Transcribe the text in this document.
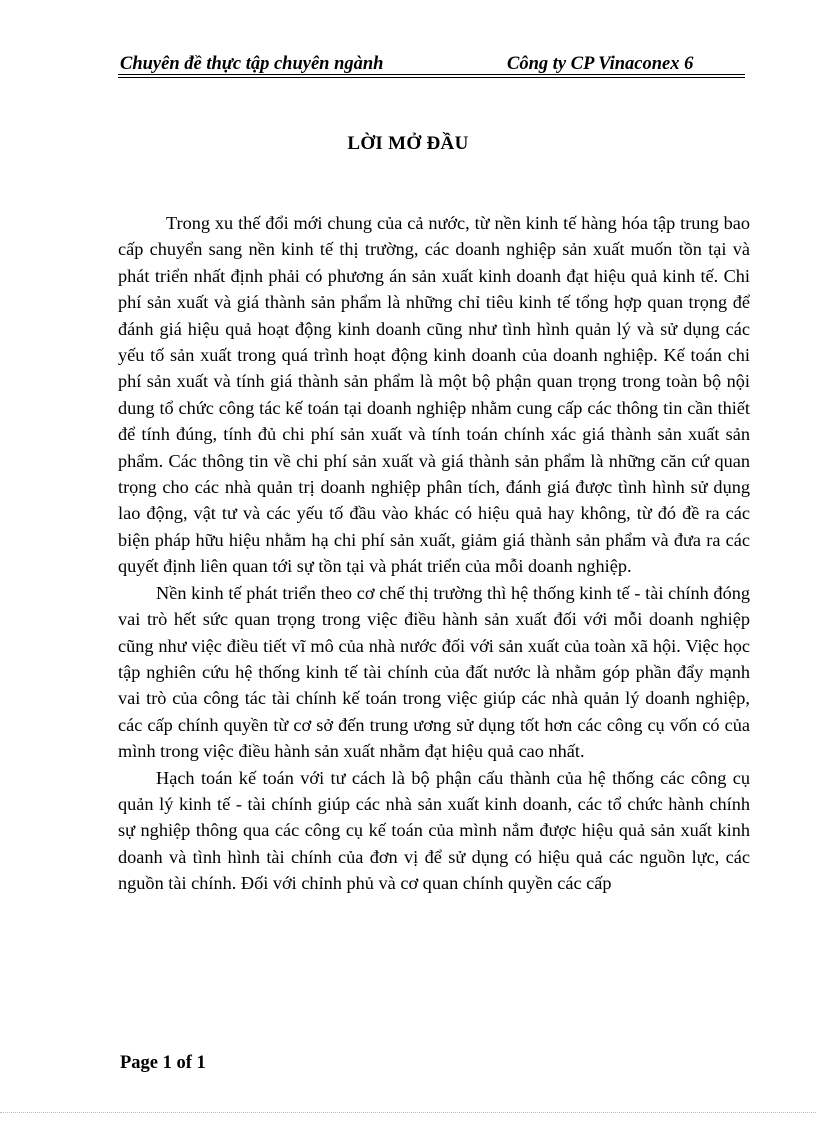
Chuyên đề thực tập chuyên ngành	Công ty CP Vinaconex 6
LỜI MỞ ĐẦU

Trong xu thế đổi mới chung của cả nước, từ nền kinh tế hàng hóa tập trung bao cấp chuyển sang nền kinh tế thị trường, các doanh nghiệp sản xuất muốn tồn tại và phát triển nhất định phải có phương án sản xuất kinh doanh đạt hiệu quả kinh tế. Chi phí sản xuất và giá thành sản phẩm là những chỉ tiêu kinh tế tổng hợp quan trọng để đánh giá hiệu quả hoạt động kinh doanh cũng như tình hình quản lý và sử dụng các yếu tố sản xuất trong quá trình hoạt động kinh doanh của doanh nghiệp. Kế toán chi phí sản xuất và tính giá thành sản phẩm là một bộ phận quan trọng trong toàn bộ nội dung tổ chức công tác kế toán tại doanh nghiệp nhằm cung cấp các thông tin cần thiết để tính đúng, tính đủ chi phí sản xuất và tính toán chính xác giá thành sản xuất sản phẩm. Các thông tin về chi phí sản xuất và giá thành sản phẩm là những căn cứ quan trọng cho các nhà quản trị doanh nghiệp phân tích, đánh giá được tình hình sử dụng lao động, vật tư và các yếu tố đầu vào khác có hiệu quả hay không, từ đó đề ra các biện pháp hữu hiệu nhằm hạ chi phí sản xuất, giảm giá thành sản phẩm và đưa ra các quyết định liên quan tới sự tồn tại và phát triển của mỗi doanh nghiệp.

Nền kinh tế phát triển theo cơ chế thị trường thì hệ thống kinh tế - tài chính đóng vai trò hết sức quan trọng trong việc điều hành sản xuất đối với mỗi doanh nghiệp cũng như việc điều tiết vĩ mô của nhà nước đối với sản xuất của toàn xã hội. Việc học tập nghiên cứu hệ thống kinh tế tài chính của đất nước là nhằm góp phần đẩy mạnh vai trò của công tác tài chính kế toán trong việc giúp các nhà quản lý doanh nghiệp, các cấp chính quyền từ cơ sở đến trung ương sử dụng tốt hơn các công cụ vốn có của mình trong việc điều hành sản xuất nhằm đạt hiệu quả cao nhất.

Hạch toán kế toán với tư cách là bộ phận cấu thành của hệ thống các công cụ quản lý kinh tế - tài chính giúp các nhà sản xuất kinh doanh, các tổ chức hành chính sự nghiệp thông qua các công cụ kế toán của mình nắm được hiệu quả sản xuất kinh doanh và tình hình tài chính của đơn vị để sử dụng có hiệu quả các nguồn lực, các nguồn tài chính. Đối với chỉnh phủ và cơ quan chính quyền các cấp

Page 1 of 1
